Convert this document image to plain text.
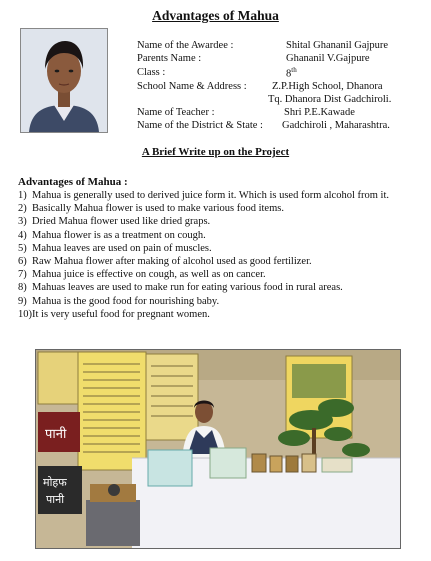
Advantages of Mahua
Name of the Awardee :	Shital Ghananil Gajpure
Parents Name :	Ghananil V.Gajpure
Class :	8th
School Name & Address : Z.P.High School, Dhanora
Tq. Dhanora Dist Gadchiroli.
Name of Teacher :	Shri P.E.Kawade
Name of the District & State : Gadchiroli , Maharashtra.
A Brief Write up on the Project
Advantages of Mahua :
1) Mahua is generally used to derived juice form it. Which is used form alcohol from it.
2) Basically Mahua flower is used to make various food items.
3) Dried Mahua flower used like dried graps.
4) Mahua flower is as a treatment on cough.
5) Mahua leaves are used on pain of muscles.
6) Raw Mahua flower after making of alcohol used as good fertilizer.
7) Mahua juice is effective on cough, as well as on cancer.
8) Mahuas leaves are used to make run for eating various food in rural areas.
9) Mahua is the good food for nourishing baby.
10) It is very useful food for pregnant women.
पानी
मोहफ
पानी
